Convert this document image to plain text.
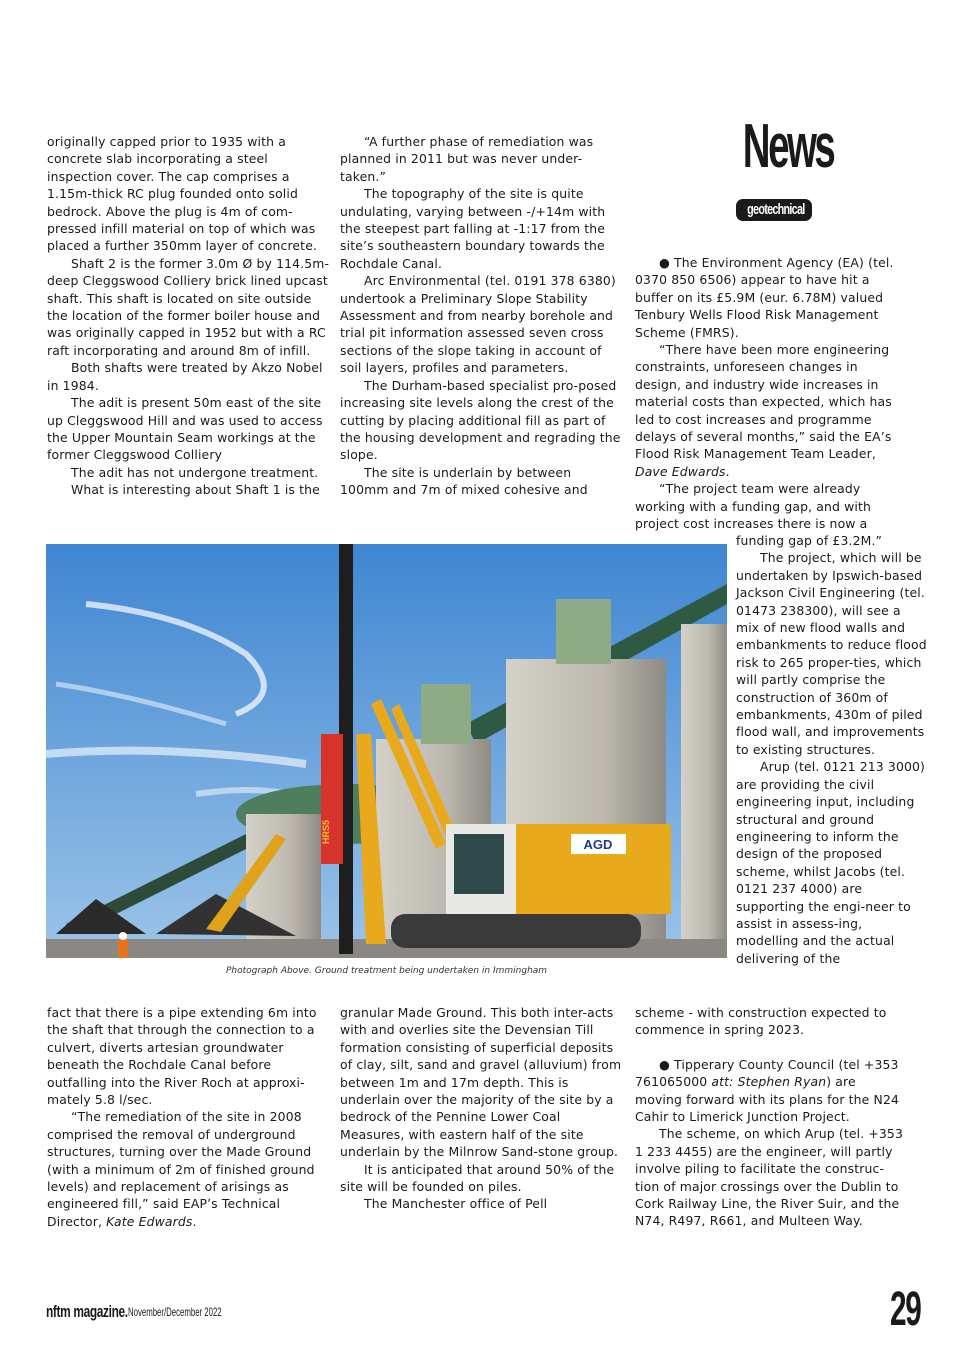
News
geotechnical

originally capped prior to 1935 with a concrete slab incorporating a steel inspection cover. The cap comprises a 1.15m-thick RC plug founded onto solid bedrock. Above the plug is 4m of com-pressed infill material on top of which was placed a further 350mm layer of concrete.

Shaft 2 is the former 3.0m Ø by 114.5m-deep Cleggswood Colliery brick lined upcast shaft. This shaft is located on site outside the location of the former boiler house and was originally capped in 1952 but with a RC raft incorporating and around 8m of infill.

Both shafts were treated by Akzo Nobel in 1984.

The adit is present 50m east of the site up Cleggswood Hill and was used to access the Upper Mountain Seam workings at the former Cleggswood Colliery

The adit has not undergone treatment.

What is interesting about Shaft 1 is the

“A further phase of remediation was planned in 2011 but was never under-taken.”

The topography of the site is quite undulating, varying between -/+14m with the steepest part falling at -1:17 from the site’s southeastern boundary towards the Rochdale Canal.

Arc Environmental (tel. 0191 378 6380) undertook a Preliminary Slope Stability Assessment and from nearby borehole and trial pit information assessed seven cross sections of the slope taking in account of soil layers, profiles and parameters.

The Durham-based specialist pro-posed increasing site levels along the crest of the cutting by placing additional fill as part of the housing development and regrading the slope.

The site is underlain by between 100mm and 7m of mixed cohesive and

● The Environment Agency (EA) (tel. 0370 850 6506) appear to have hit a buffer on its £5.9M (eur. 6.78M) valued Tenbury Wells Flood Risk Management Scheme (FMRS).

“There have been more engineering constraints, unforeseen changes in design, and industry wide increases in material costs than expected, which has led to cost increases and programme delays of several months,” said the EA’s Flood Risk Management Team Leader, Dave Edwards.

“The project team were already working with a funding gap, and with project cost increases there is now a

funding gap of £3.2M.”

The project, which will be undertaken by Ipswich-based Jackson Civil Engineering (tel. 01473 238300), will see a mix of new flood walls and embankments to reduce flood risk to 265 proper-ties, which will partly comprise the construction of 360m of embankments, 430m of piled flood wall, and improvements to existing structures.

Arup (tel. 0121 213 3000) are providing the civil engineering input, including structural and ground engineering to inform the design of the proposed scheme, whilst Jacobs (tel. 0121 237 4000) are supporting the engi-neer to assist in assess-ing, modelling and the actual delivering of the

HRS5
AGD
Photograph Above. Ground treatment being undertaken in Immingham

fact that there is a pipe extending 6m into the shaft that through the connection to a culvert, diverts artesian groundwater beneath the Rochdale Canal before outfalling into the River Roch at approxi-mately 5.8 l/sec.

“The remediation of the site in 2008 comprised the removal of underground structures, turning over the Made Ground (with a minimum of 2m of finished ground levels) and replacement of arisings as engineered fill,” said EAP’s Technical Director, Kate Edwards.

granular Made Ground. This both inter-acts with and overlies site the Devensian Till formation consisting of superficial deposits of clay, silt, sand and gravel (alluvium) from between 1m and 17m depth. This is underlain over the majority of the site by a bedrock of the Pennine Lower Coal Measures, with eastern half of the site underlain by the Milnrow Sand-stone group.

It is anticipated that around 50% of the site will be founded on piles.

The Manchester office of Pell

scheme - with construction expected to commence in spring 2023.

● Tipperary County Council (tel +353 761065000 att: Stephen Ryan) are moving forward with its plans for the N24 Cahir to Limerick Junction Project.

The scheme, on which Arup (tel. +353 1 233 4455) are the engineer, will partly involve piling to facilitate the construc-tion of major crossings over the Dublin to Cork Railway Line, the River Suir, and the N74, R497, R661, and Multeen Way.

nftm magazine. November/December 2022	29
